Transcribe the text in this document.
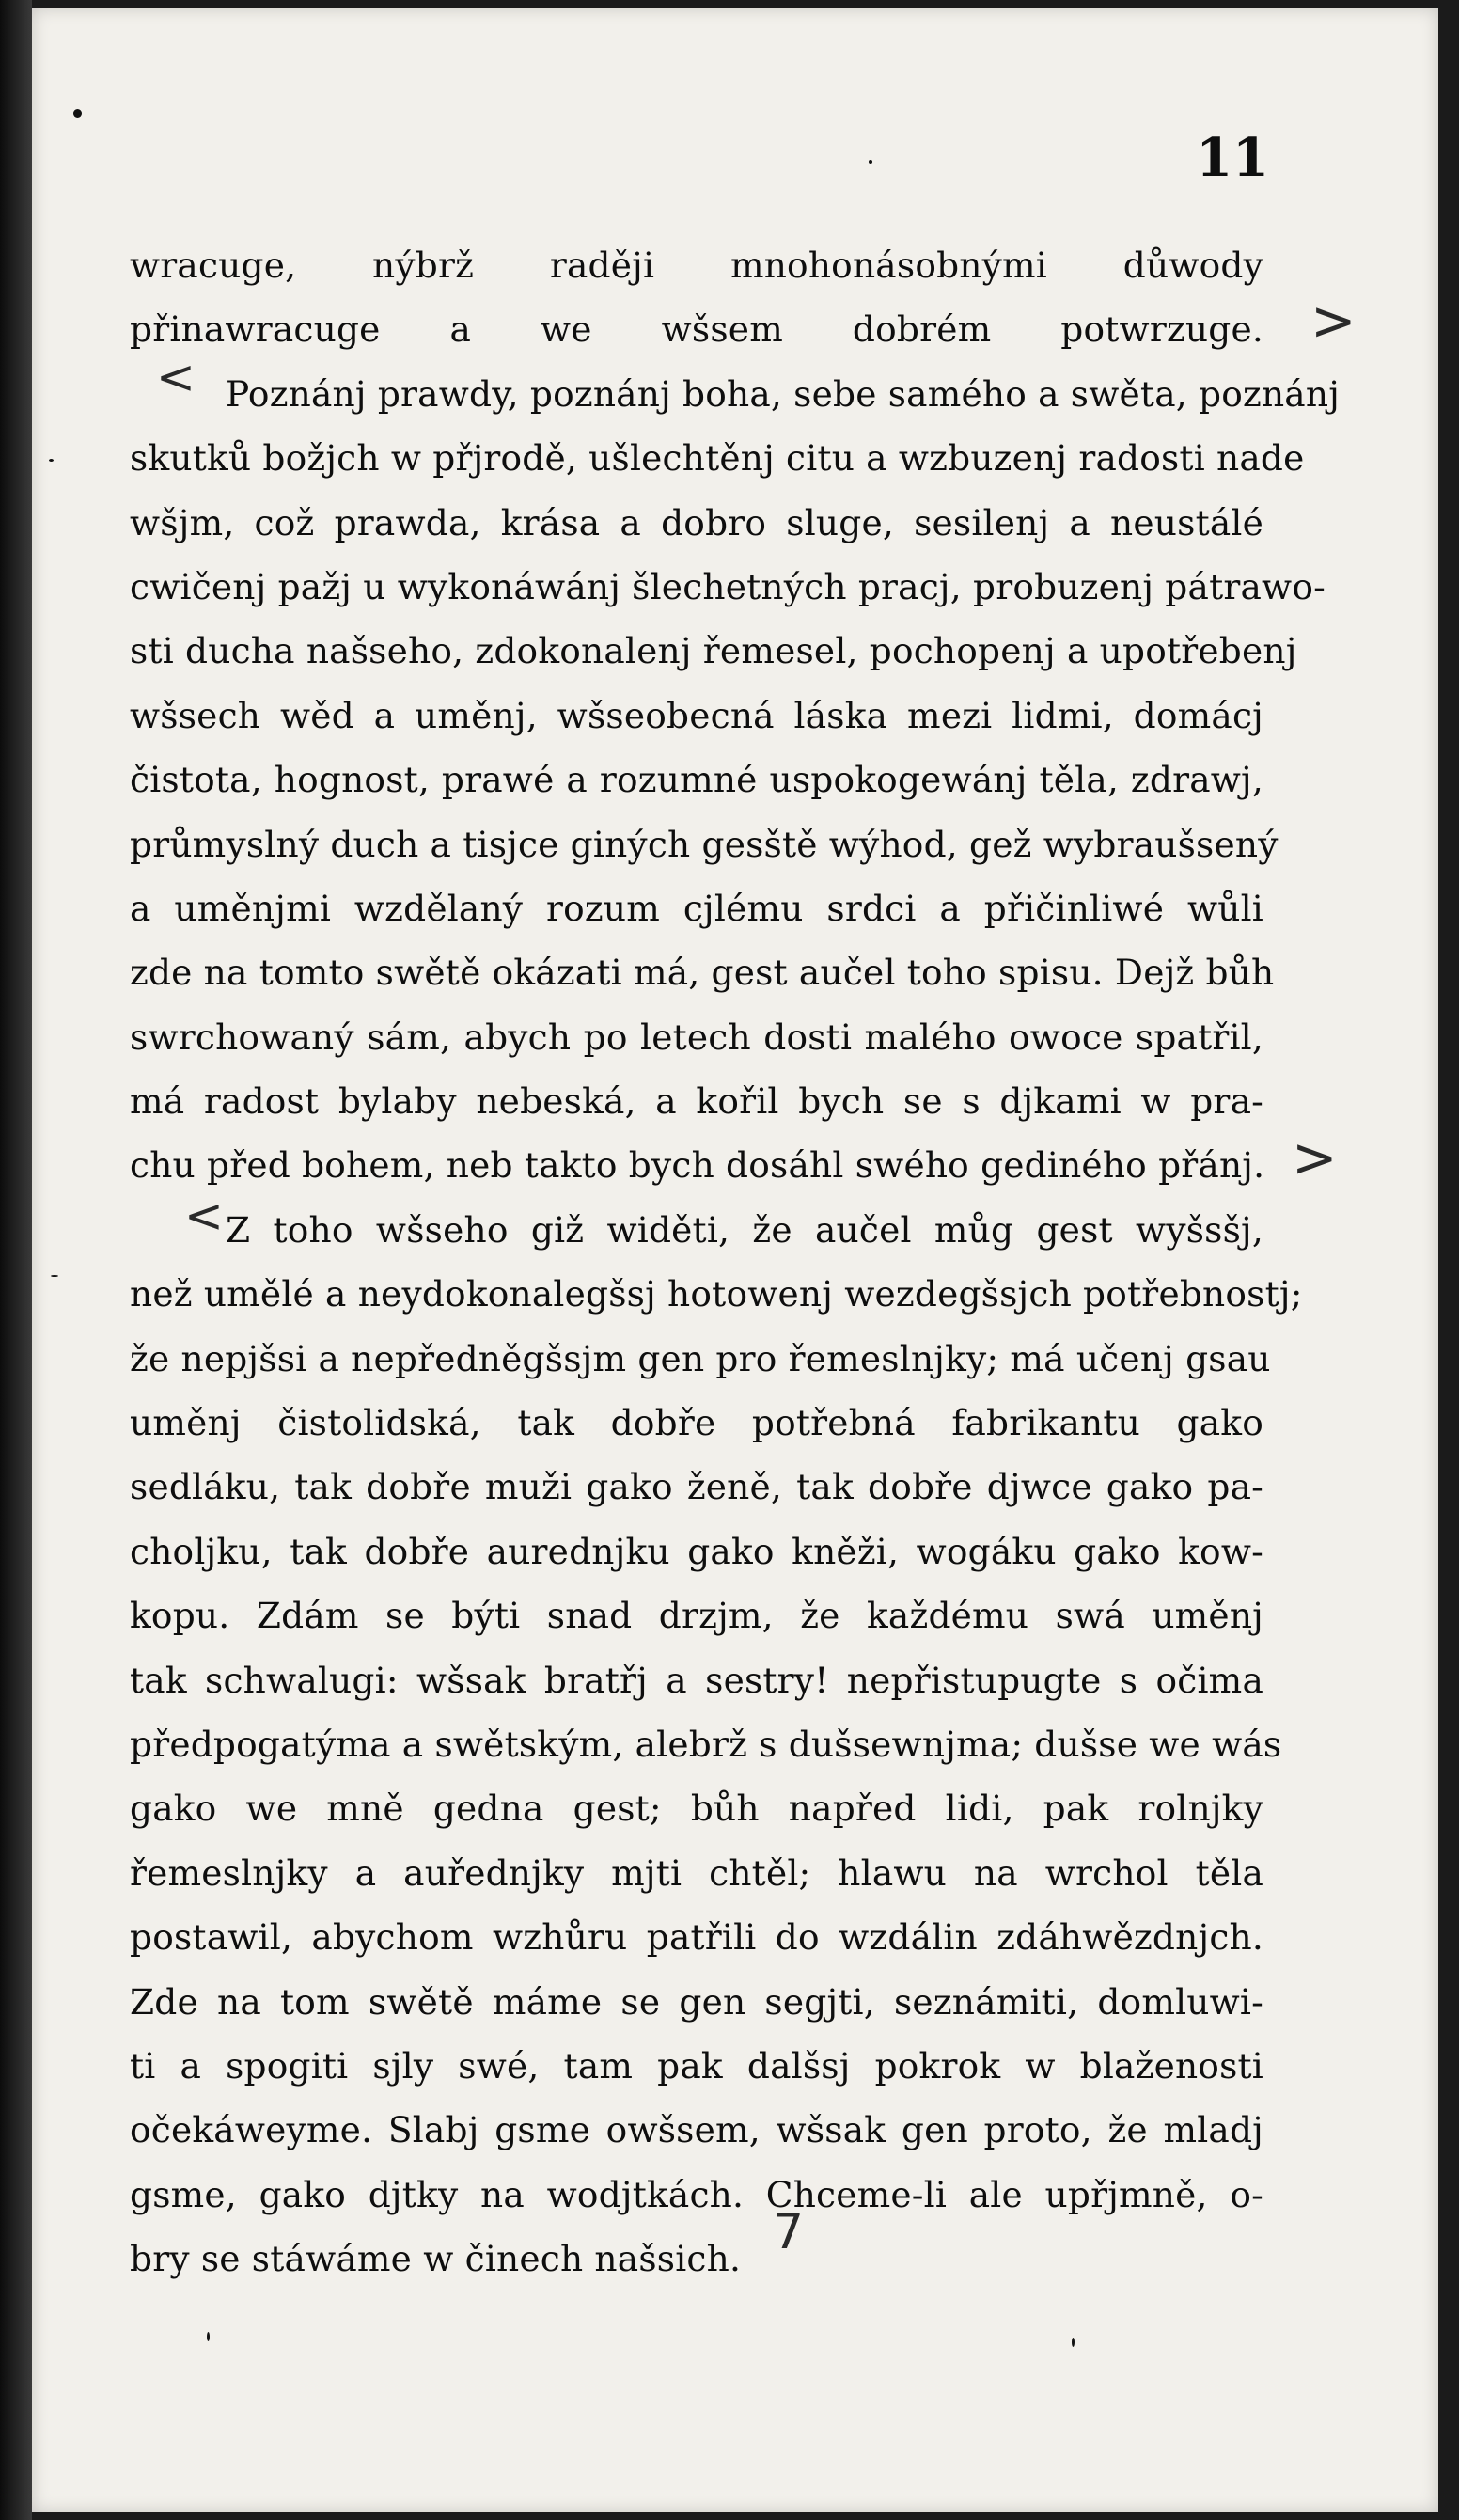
11
>
<
>
<
7
wracuge, nýbrž raději mnohonásobnými důwody
přinawracuge a we wšsem dobrém potwrzuge.
Poznánj prawdy, poznánj boha, sebe samého a swěta, poznánj
skutků božjch w přjrodě, ušlechtěnj citu a wzbuzenj radosti nade
wšjm, což prawda, krása a dobro sluge, sesilenj a neustálé
cwičenj pažj u wykonáwánj šlechetných pracj, probuzenj pátrawo-
sti ducha našseho, zdokonalenj řemesel, pochopenj a upotřebenj
wšsech wěd a uměnj, wšseobecná láska mezi lidmi, domácj
čistota, hognost, prawé a rozumné uspokogewánj těla, zdrawj,
průmyslný duch a tisjce giných gesště wýhod, gež wybraušsený
a uměnjmi wzdělaný rozum cjlému srdci a přičinliwé wůli
zde na tomto swětě okázati má, gest aučel toho spisu. Dejž bůh
swrchowaný sám, abych po letech dosti malého owoce spatřil,
má radost bylaby nebeská, a kořil bych se s djkami w pra-
chu před bohem, neb takto bych dosáhl swého gediného přánj.
Z toho wšseho giž widěti, že aučel můg gest wyšsšj,
než umělé a neydokonalegšsj hotowenj wezdegšsjch potřebnostj;
že nepjšsi a nepředněgšsjm gen pro řemeslnjky; má učenj gsau
uměnj čistolidská, tak dobře potřebná fabrikantu gako
sedláku, tak dobře muži gako ženě, tak dobře djwce gako pa-
choljku, tak dobře aurednjku gako kněži, wogáku gako kow-
kopu. Zdám se býti snad drzjm, že každému swá uměnj
tak schwalugi: wšsak bratřj a sestry! nepřistupugte s očima
předpogatýma a swětským, alebrž s dušsewnjma; dušse we wás
gako we mně gedna gest; bůh napřed lidi, pak rolnjky
řemeslnjky a auřednjky mjti chtěl; hlawu na wrchol těla
postawil, abychom wzhůru patřili do wzdálin zdáhwězdnjch.
Zde na tom swětě máme se gen segjti, seznámiti, domluwi-
ti a spogiti sjly swé, tam pak dalšsj pokrok w blaženosti
očekáweyme. Slabj gsme owšsem, wšsak gen proto, že mladj
gsme, gako djtky na wodjtkách. Chceme-li ale upřjmně, o-
bry se stáwáme w činech našsich.
